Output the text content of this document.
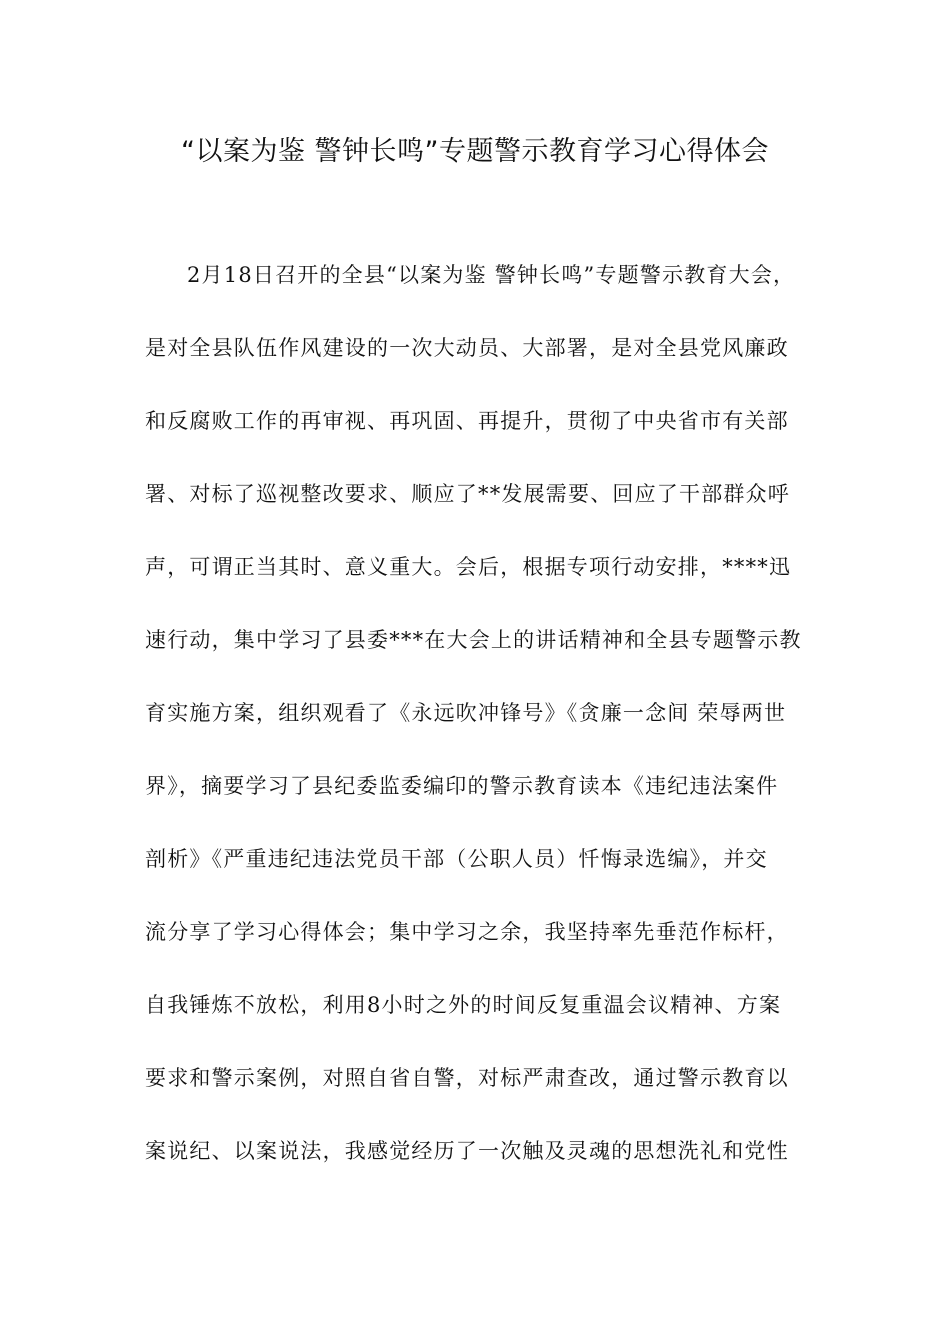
“以案为鉴 警钟长鸣”专题警示教育学习心得体会
2月18日召开的全县“以案为鉴 警钟长鸣”专题警示教育大会，
是对全县队伍作风建设的一次大动员、大部署，是对全县党风廉政
和反腐败工作的再审视、再巩固、再提升，贯彻了中央省市有关部
署、对标了巡视整改要求、顺应了**发展需要、回应了干部群众呼
声，可谓正当其时、意义重大。会后，根据专项行动安排，****迅
速行动，集中学习了县委***在大会上的讲话精神和全县专题警示教
育实施方案，组织观看了《永远吹冲锋号》《贪廉一念间 荣辱两世
界》，摘要学习了县纪委监委编印的警示教育读本《违纪违法案件
剖析》《严重违纪违法党员干部（公职人员）忏悔录选编》，并交
流分享了学习心得体会；集中学习之余，我坚持率先垂范作标杆，
自我锤炼不放松，利用8小时之外的时间反复重温会议精神、方案
要求和警示案例，对照自省自警，对标严肃查改，通过警示教育以
案说纪、以案说法，我感觉经历了一次触及灵魂的思想洗礼和党性
